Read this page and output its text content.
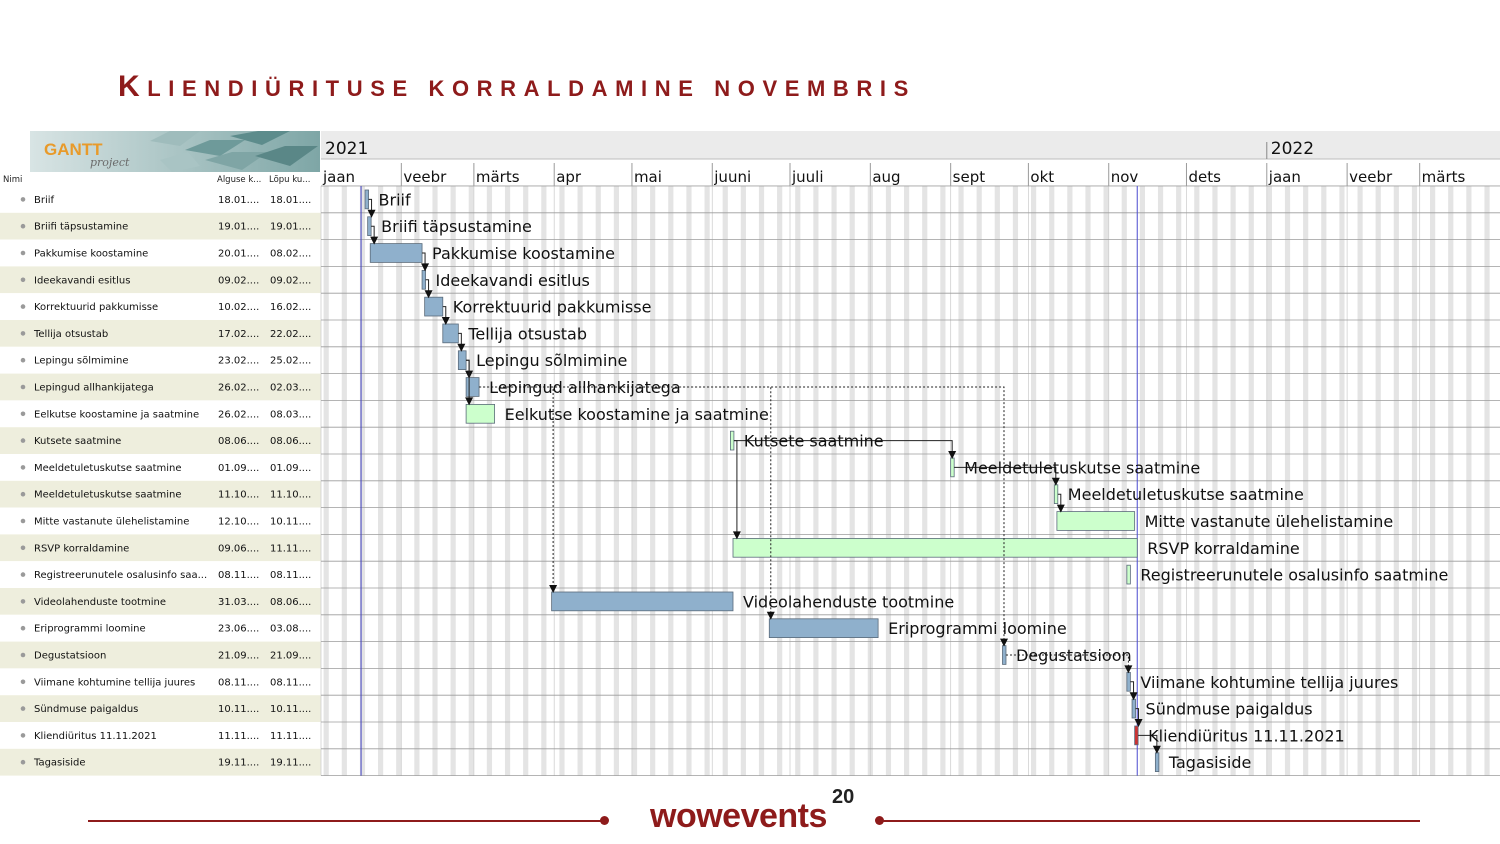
KLIENDIÜRITUSE KORRALDAMINE NOVEMBRIS
GANTT
project
Nimi	Alguse k... Lõpu ku...
Briif	18.01.... 18.01....
Briifi täpsustamine	19.01.... 19.01....
Pakkumise koostamine	20.01.... 08.02....
Ideekavandi esitlus	09.02.... 09.02....
Korrektuurid pakkumisse	10.02.... 16.02....
Tellija otsustab	17.02.... 22.02....
Lepingu sõlmimine	23.02.... 25.02....
Lepingud allhankijatega	26.02.... 02.03....
Eelkutse koostamine ja saatmine 26.02.... 08.03....
Kutsete saatmine	08.06.... 08.06....
Meeldetuletuskutse saatmine	01.09.... 01.09....
Meeldetuletuskutse saatmine	11.10.... 11.10....
Mitte vastanute ülehelistamine	12.10.... 10.11....
RSVP korraldamine	09.06.... 11.11....
Registreerunutele osalusinfo saa... 08.11.... 08.11....
Videolahenduste tootmine	31.03.... 08.06....
Eriprogrammi loomine	23.06.... 03.08....
Degustatsioon	21.09.... 21.09....
Viimane kohtumine tellija juures 08.11.... 08.11....
Sündmuse paigaldus	10.11.... 10.11....
Kliendiüritus 11.11.2021	11.11.... 11.11....
Tagasiside	19.11.... 19.11....
2021	2022
jaan	veebr märts apr	mai	juuni	juuli	aug	sept	okt	nov	dets	jaan	veebr märts
Briif
Briifi täpsustamine
Pakkumise koostamine
Ideekavandi esitlus
Korrektuurid pakkumisse
Tellija otsustab
Lepingu sõlmimine
Lepingud allhankijatega
Eelkutse koostamine ja saatmine
Kutsete saatmine
Meeldetuletuskutse saatmine
Meeldetuletuskutse saatmine
Mitte vastanute ülehelistamine
RSVP korraldamine
Registreerunutele osalusinfo saatmine
Videolahenduste tootmine
Eriprogrammi loomine
Degustatsioon
Viimane kohtumine tellija juures
Sündmuse paigaldus
Kliendiüritus 11.11.2021
Tagasiside
wowevents 20
